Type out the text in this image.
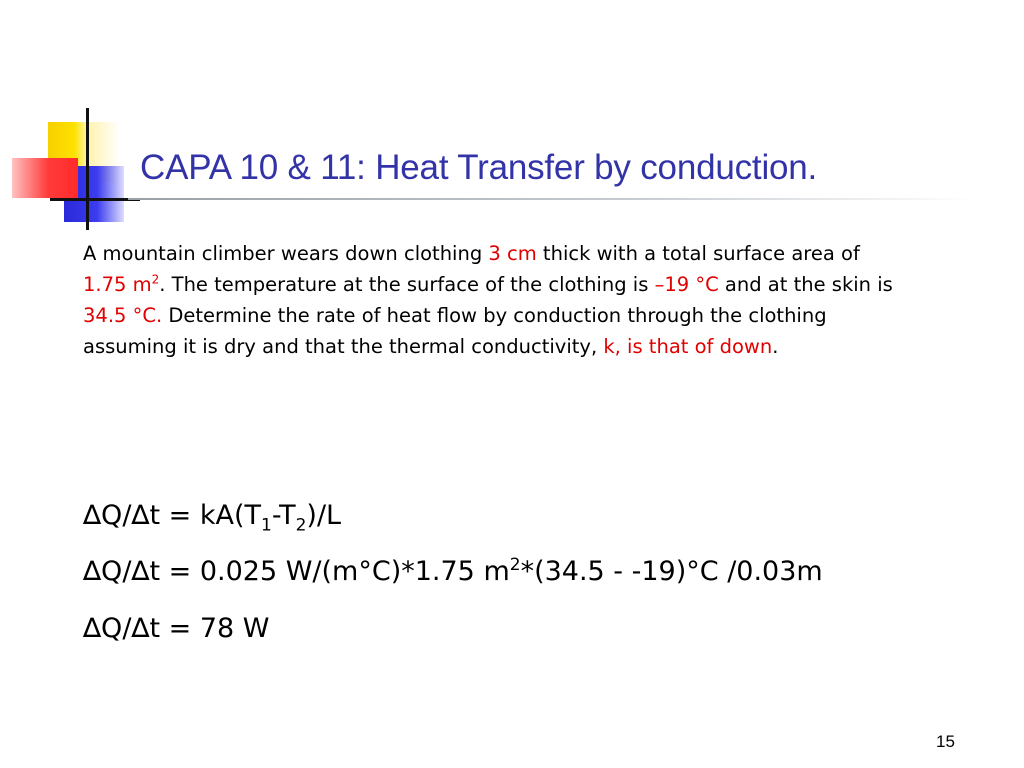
CAPA 10 & 11: Heat Transfer by conduction.
A mountain climber wears down clothing 3 cm thick with a total surface area of 1.75 $m^2$. The temperature at the surface of the clothing is –19 °C and at the skin is 34.5 °C. Determine the rate of heat flow by conduction through the clothing assuming it is dry and that the thermal conductivity, k, is that of down.
$\Delta Q/\Delta t = kA(T_1-T_2)/L$
∆Q/∆t = 0.025 W/(m°C)*1.75 $m^2*(34.5 - -19)^\circ C$ /0.03m
∆Q/∆t = 78 W
15
